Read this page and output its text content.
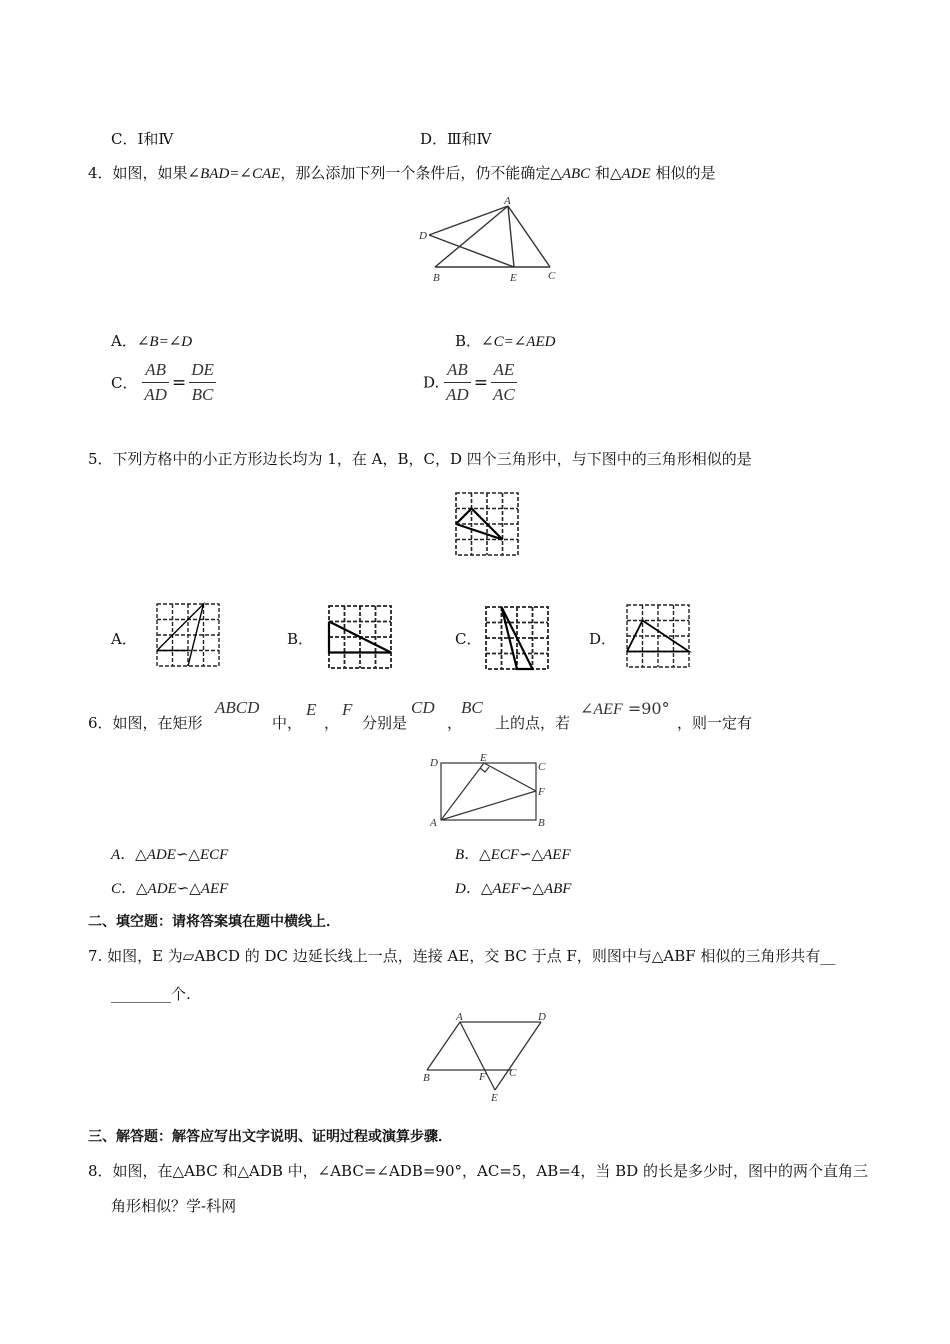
C．Ⅰ和Ⅳ	D．Ⅲ和Ⅳ
4．如图，如果∠BAD=∠CAE，那么添加下列一个条件后，仍不能确定△ABC 和△ADE 相似的是
A
D
B	E	C
A．∠B=∠D	B．∠C=∠AED
C． $\frac{AB}{AD} = \frac{DE}{BC}$	D. $\frac{AB}{AD} = \frac{AE}{AC}$
5．下列方格中的小正方形边长均为 1，在 A，B，C，D 四个三角形中，与下图中的三角形相似的是
A．	B．	C．	D．
6．如图，在矩形
ABCD
中，
E
，
F
分别是
CD
，
BC
上的点，若
∠AEF =90°
，则一定有
D	E
C
F
A	B
A．△ADE∽△ECF	B．△ECF∽△AEF
C．△ADE∽△AEF	D．△AEF∽△ABF
二、填空题：请将答案填在题中横线上．
7. 如图，E 为▱ABCD 的 DC 边延长线上一点，连接 AE，交 BC 于点 F，则图中与△ABF 相似的三角形共有__
________个.
A	D
B	F C
E
三、解答题：解答应写出文字说明、证明过程或演算步骤．
8．如图，在△ABC 和△ADB 中，∠ABC=∠ADB=90°，AC=5，AB=4，当 BD 的长是多少时，图中的两个直角三
角形相似？学-科网
